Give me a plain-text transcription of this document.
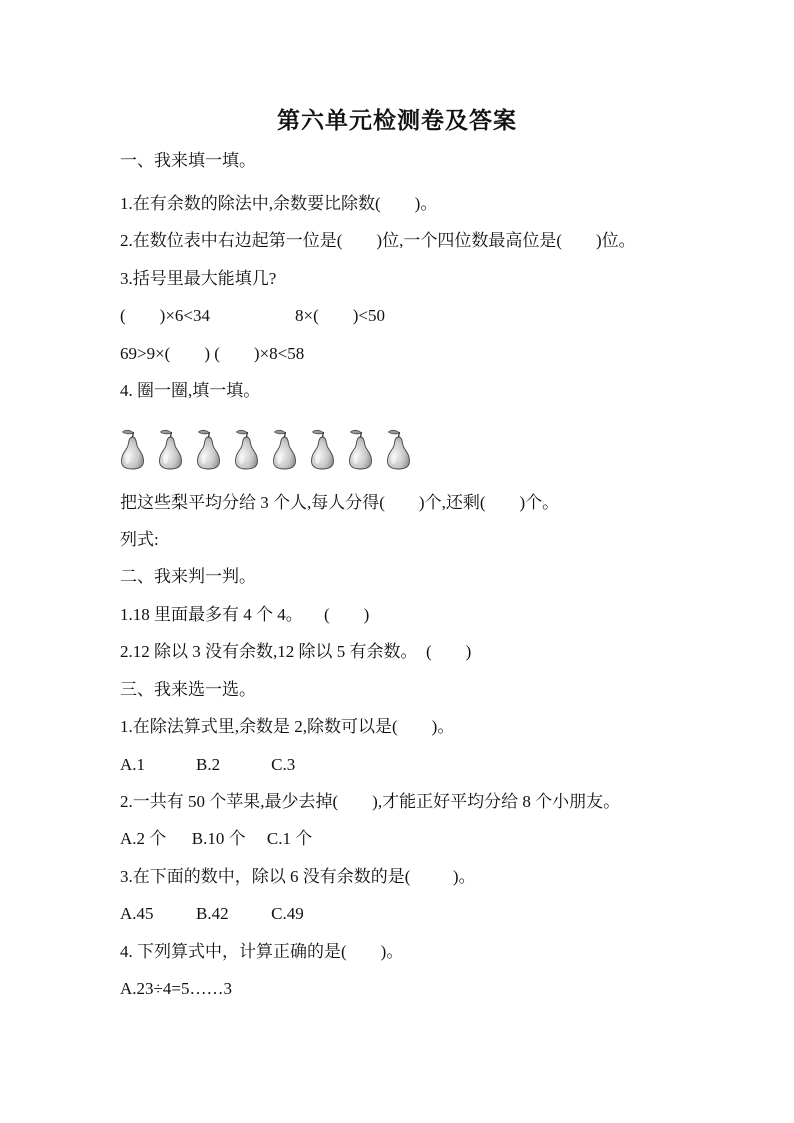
第六单元检测卷及答案
一、我来填一填。
1.在有余数的除法中,余数要比除数(　　)。
2.在数位表中右边起第一位是(　　)位,一个四位数最高位是(　　)位。
3.括号里最大能填几?
(　　)×6<34                    8×(　　)<50
69>9×(　　) (　　)×8<58
4. 圈一圈,填一填。
把这些梨平均分给 3 个人,每人分得(　　)个,还剩(　　)个。
列式:
二、我来判一判。
1.18 里面最多有 4 个 4。     (　　)
2.12 除以 3 没有余数,12 除以 5 有余数。  (　　)
三、我来选一选。
1.在除法算式里,余数是 2,除数可以是(　　)。
A.1            B.2            C.3
2.一共有 50 个苹果,最少去掉(　　),才能正好平均分给 8 个小朋友。
A.2 个      B.10 个     C.1 个
3.在下面的数中，除以 6 没有余数的是(　　  )。
A.45          B.42          C.49
4. 下列算式中，计算正确的是(　　)。
A.23÷4=5……3
